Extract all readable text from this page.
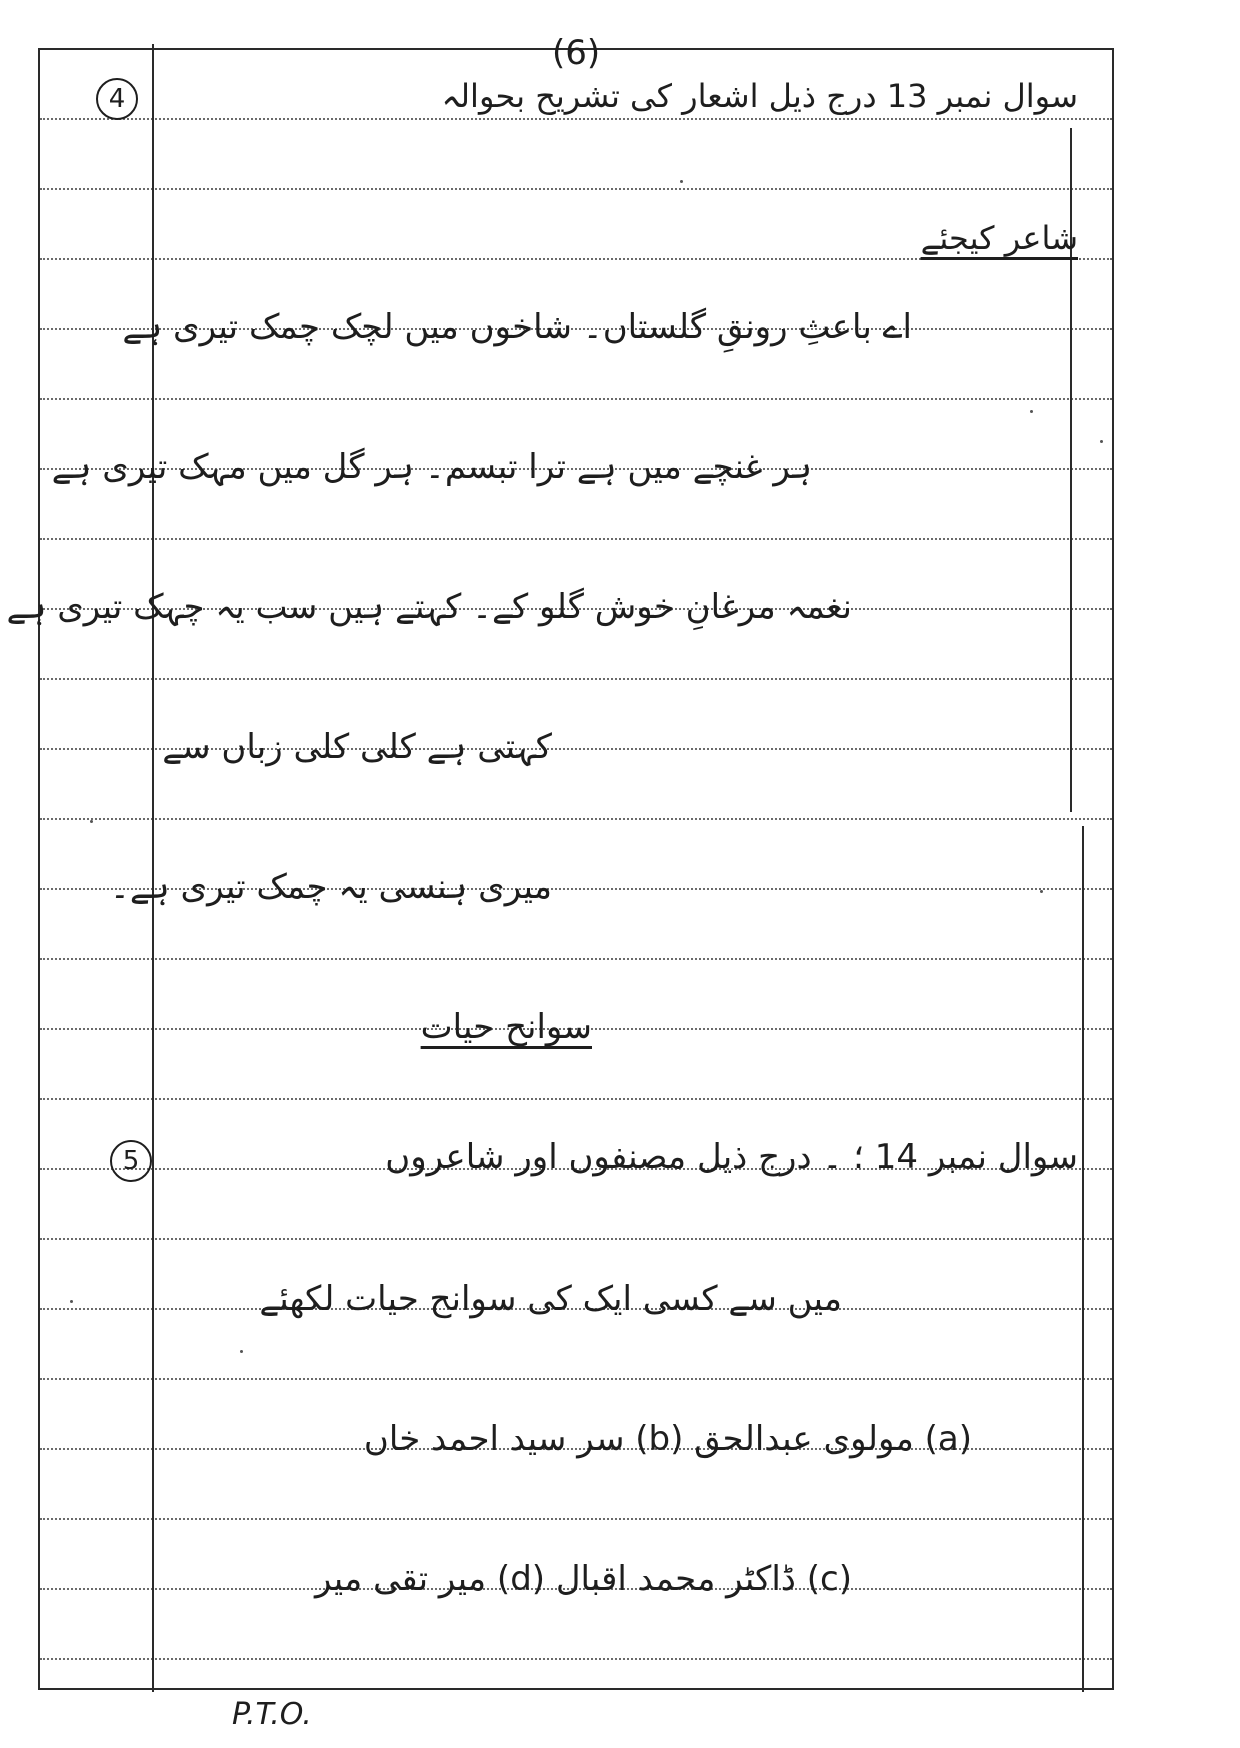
(6)
4	سوال نمبر 13 درج ذیل اشعار کی تشریح بحوالہ
شاعر کیجئے
اے باعثِ رونقِ گلستاں۔ شاخوں میں لچک چمک تیری ہے
ہر غنچے میں ہے ترا تبسم۔ ہر گل میں مہک تیری ہے
نغمہ مرغانِ خوش گلو کے۔ کہتے ہیں سب یہ چہک تیری ہے
کہتی ہے کلی کلی زباں سے
میری ہنسی یہ چمک تیری ہے۔
سوانح حیات
5	سوال نمبر 14 ؛ ۔ درج ذیل مصنفوں اور شاعروں
میں سے کسی ایک کی سوانح حیات لکھئے
(a) مولوی عبدالحق (b) سر سید احمد خاں
(c) ڈاکٹر محمد اقبال (d) میر تقی میر
P.T.O.
